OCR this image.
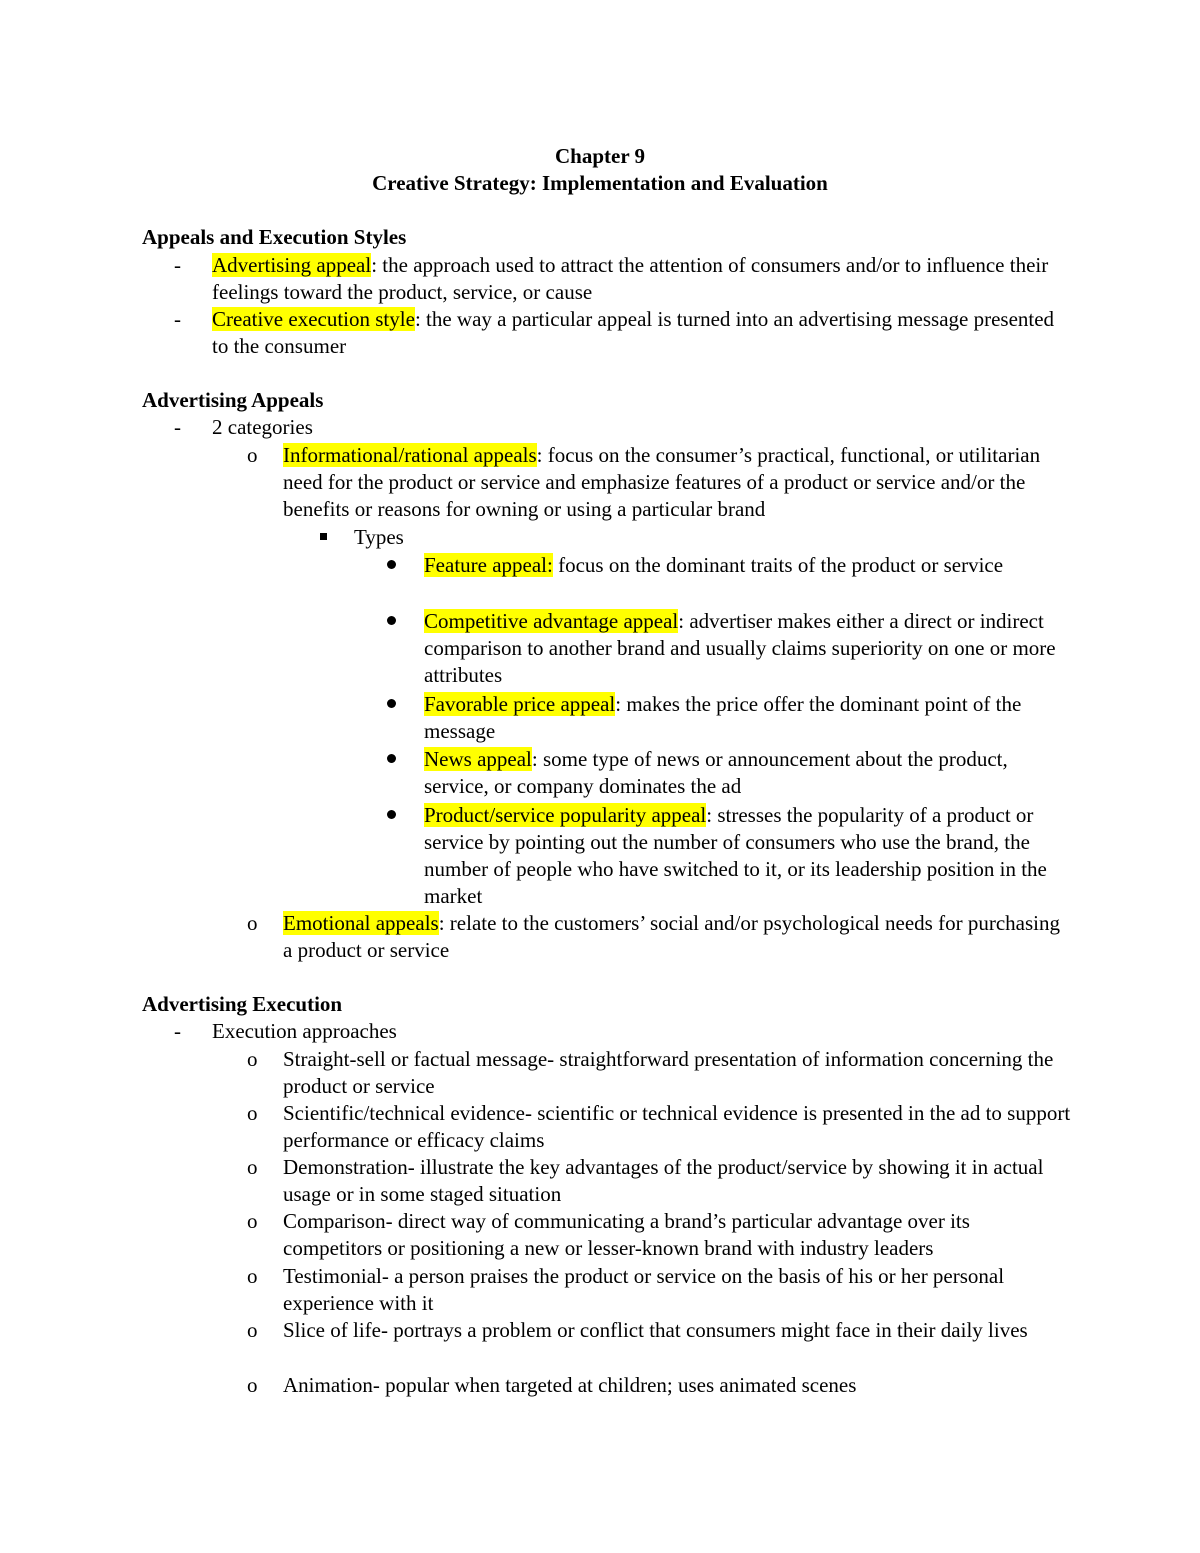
Chapter 9
Creative Strategy: Implementation and Evaluation
Appeals and Execution Styles
- Advertising appeal: the approach used to attract the attention of consumers and/or to influence their feelings toward the product, service, or cause
- Creative execution style: the way a particular appeal is turned into an advertising message presented to the consumer
Advertising Appeals
- 2 categories
o Informational/rational appeals: focus on the consumer’s practical, functional, or utilitarian need for the product or service and emphasize features of a product or service and/or the benefits or reasons for owning or using a particular brand
Types
Feature appeal: focus on the dominant traits of the product or service
Competitive advantage appeal: advertiser makes either a direct or indirect comparison to another brand and usually claims superiority on one or more attributes
Favorable price appeal: makes the price offer the dominant point of the message
News appeal: some type of news or announcement about the product, service, or company dominates the ad
Product/service popularity appeal: stresses the popularity of a product or service by pointing out the number of consumers who use the brand, the number of people who have switched to it, or its leadership position in the market
o Emotional appeals: relate to the customers’ social and/or psychological needs for purchasing a product or service
Advertising Execution
- Execution approaches
o Straight-sell or factual message- straightforward presentation of information concerning the product or service
o Scientific/technical evidence- scientific or technical evidence is presented in the ad to support performance or efficacy claims
o Demonstration- illustrate the key advantages of the product/service by showing it in actual usage or in some staged situation
o Comparison- direct way of communicating a brand’s particular advantage over its competitors or positioning a new or lesser-known brand with industry leaders
o Testimonial- a person praises the product or service on the basis of his or her personal experience with it
o Slice of life- portrays a problem or conflict that consumers might face in their daily lives
o Animation- popular when targeted at children; uses animated scenes
